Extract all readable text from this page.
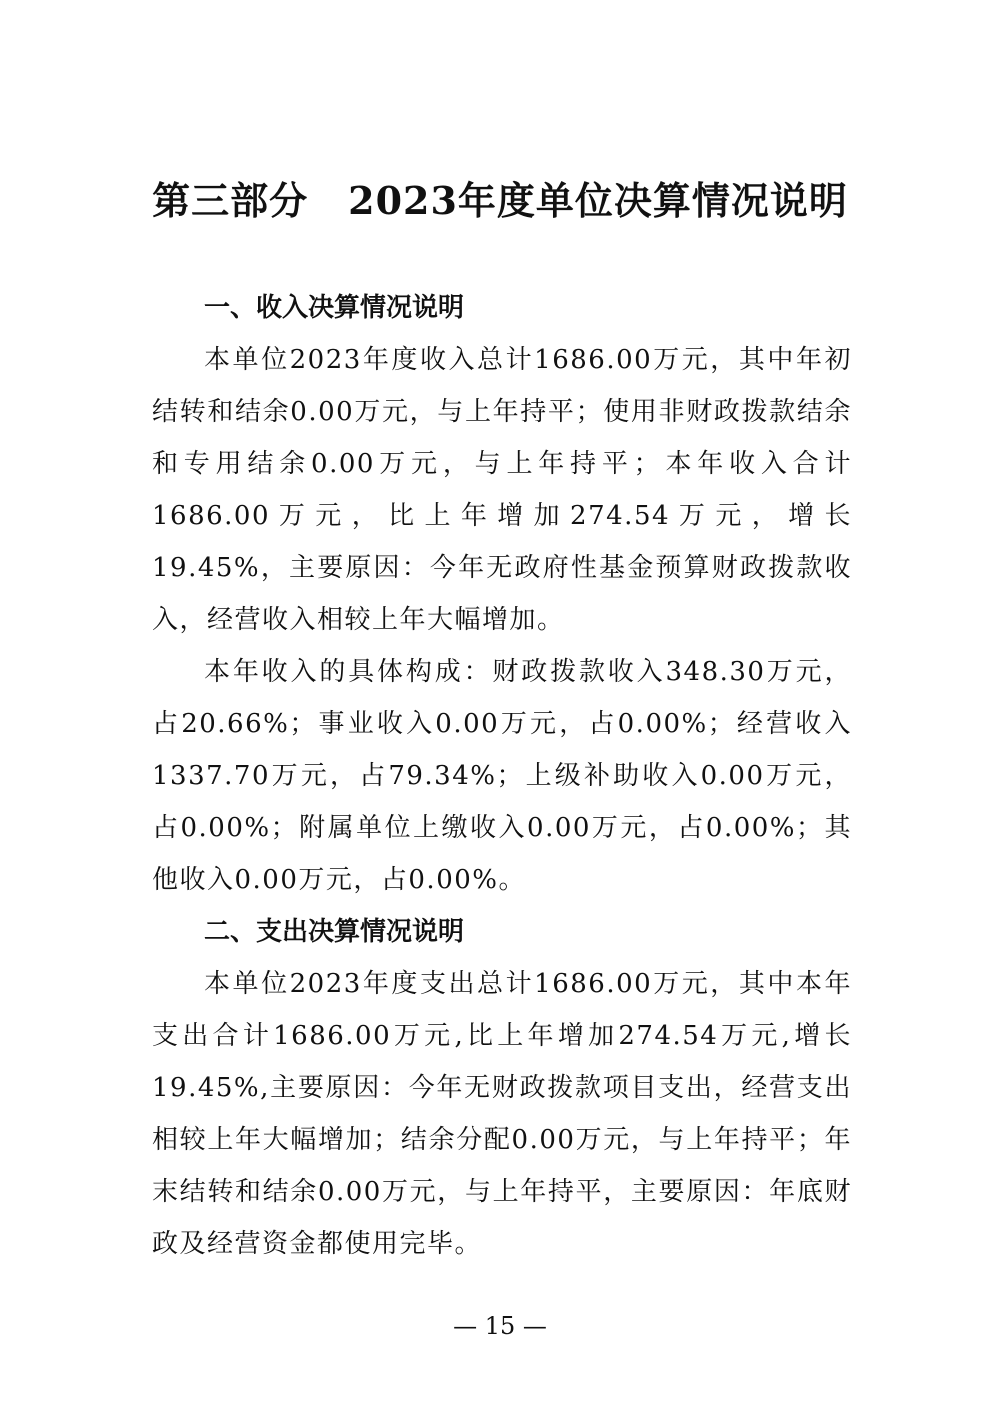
第三部分 2023年度单位决算情况说明

一、收入决算情况说明

本单位2023年度收入总计1686.00万元，其中年初结转和结余0.00万元，与上年持平；使用非财政拨款结余和专用结余0.00万元，与上年持平；本年收入合计1686.00万元，比上年增加274.54万元，增长19.45%，主要原因：今年无政府性基金预算财政拨款收入，经营收入相较上年大幅增加。

本年收入的具体构成：财政拨款收入348.30万元，占20.66%；事业收入0.00万元，占0.00%；经营收入1337.70万元，占79.34%；上级补助收入0.00万元，占0.00%；附属单位上缴收入0.00万元，占0.00%；其他收入0.00万元，占0.00%。

二、支出决算情况说明

本单位2023年度支出总计1686.00万元，其中本年支出合计1686.00万元,比上年增加274.54万元,增长19.45%,主要原因：今年无财政拨款项目支出，经营支出相较上年大幅增加；结余分配0.00万元，与上年持平；年末结转和结余0.00万元，与上年持平，主要原因：年底财政及经营资金都使用完毕。

— 15 —
